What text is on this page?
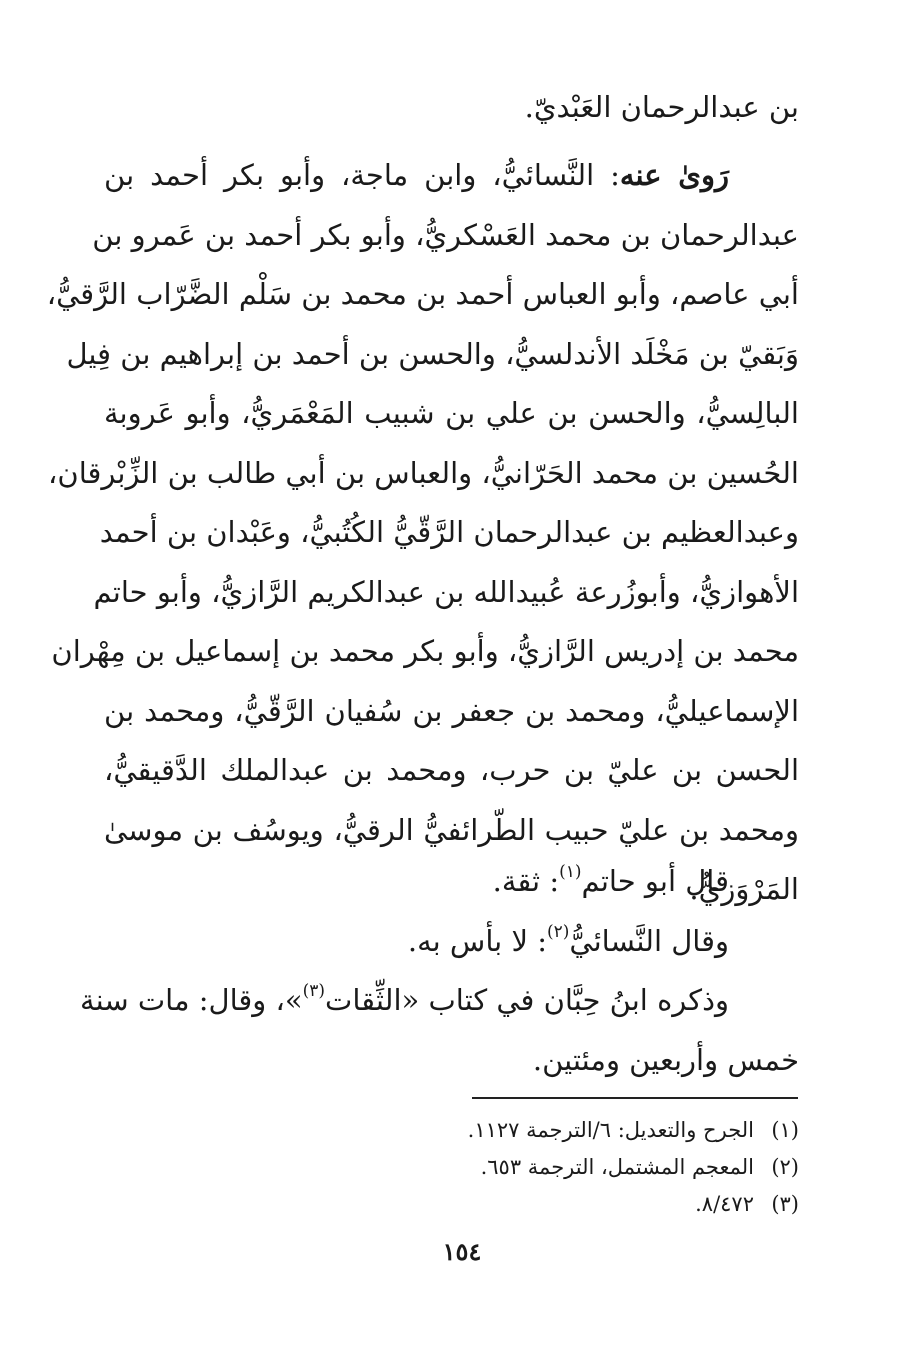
بن عبدالرحمان العَبْديّ.
رَوىٰ عنه: النَّسائيُّ، وابن ماجة، وأبو بكر أحمد بن
عبدالرحمان بن محمد العَسْكريُّ، وأبو بكر أحمد بن عَمرو بن
أبي عاصم، وأبو العباس أحمد بن محمد بن سَلْم الضَّرّاب الرَّقيُّ،
وَبَقيّ بن مَخْلَد الأندلسيُّ، والحسن بن أحمد بن إبراهيم بن فِيل
البالِسيُّ، والحسن بن علي بن شبيب المَعْمَريُّ، وأبو عَروبة
الحُسين بن محمد الحَرّانيُّ، والعباس بن أبي طالب بن الزِّبْرقان،
وعبدالعظيم بن عبدالرحمان الرَّقّيُّ الكُتُبيُّ، وعَبْدان بن أحمد
الأهوازيُّ، وأبوزُرعة عُبيدالله بن عبدالكريم الرَّازيُّ، وأبو حاتم
محمد بن إدريس الرَّازيُّ، وأبو بكر محمد بن إسماعيل بن مِهْران
الإسماعيليُّ، ومحمد بن جعفر بن سُفيان الرَّقّيُّ، ومحمد بن
الحسن بن عليّ بن حرب، ومحمد بن عبدالملك الدَّقيقيُّ،
ومحمد بن عليّ حبيب الطّرائفيُّ الرقيُّ، ويوسُف بن موسىٰ
المَرْوَزيُّ.
قال أبو حاتم$^{(١)}$: ثقة.
وقال النَّسائيُّ$^{(٢)}$: لا بأس به.
وذكره ابنُ حِبَّان في كتاب «الثِّقات$^{(٣)}$»، وقال: مات سنة
خمس وأربعين ومئتين.
(١)الجرح والتعديل: ٦/الترجمة ١١٢٧.
(٢)المعجم المشتمل، الترجمة ٦٥٣.
(٣)٨/٤٧٢.
١٥٤
